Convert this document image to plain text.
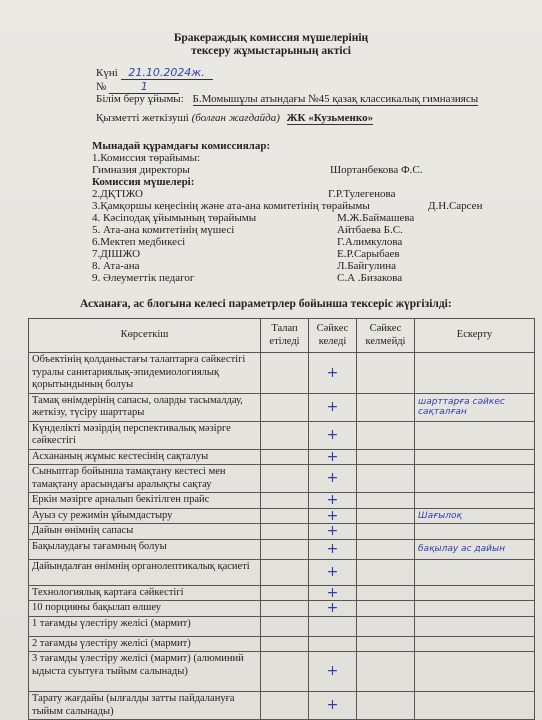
Бракераждық комиссия мүшелерінің
тексеру жұмыстарының актісі
Күні 21.10.2024ж.
№	1
Білім беру ұйымы: Б.Момышұлы атындағы №45 қазақ классикалық гимназиясы
Қызметті жеткізуші (болған жағдайда) ЖК «Кузьменко»
Мынадай құрамдағы комиссиялар:
1.Комиссия төрайымы:
Гимназия директоры	Шортанбекова Ф.С.
Комиссия мүшелері:
2.ДҚТІЖО	Г.Р.Тулегенова
3.Қамқоршы кеңесінің және ата-ана комитетінің төрайымы	Д.Н.Сарсен
4. Кәсіподақ ұйымының төрайымы	М.Ж.Баймашева
5. Ата-ана комитетінің мүшесі	Айтбаева Б.С.
6.Мектеп медбикесі	Г.Алимкулова
7.ДІШЖО	Е.Р.Сарыбаев
8. Ата-ана	Л.Байгулина
9. Әлеуметтік педагог	С.А .Бизакова
Асханаға, ас блогына келесі параметрлер бойынша тексеріс жүргізілді:
Көрсеткіш	Талап етіледі	Сәйкес келеді	Сәйкес келмейді	Ескерту
Объектінің қолданыстағы талаптарға сәйкестігі туралы санитариялық-эпидемиологиялық қорытындының болуы		+		
Тамақ өнімдерінің сапасы, оларды тасымалдау, жеткізу, түсіру шарттары		+		шарттарға сәйкес сақталған
Күнделікті мәзірдің перспективалық мәзірге сәйкестігі		+		
Асхананың жұмыс кестесінің сақталуы		+		
Сыныптар бойынша тамақтану кестесі мен тамақтану арасындағы аралықты сақтау		+		
Еркін мәзірге арналып бекітілген прайс		+		
Ауыз су режимін ұйымдастыру		+		Шағылоқ
Дайын өнімнің сапасы		+		
Бақылаудағы тағамның болуы		+		бақылау ас дайын
Дайындалған өнімнің органолептикалық қасиеті		+		
Технологиялық картаға сәйкестігі		+		
10 порцияны бақылап өлшеу		+		
1 тағамды үлестіру желісі (мармит)				
2 тағамды үлестіру желісі (мармит)				
3 тағамды үлестіру желісі (мармит) (алюминий ыдыста суытуға тыйым салынады)		+		
Тарату жағдайы (ылғалды затты пайдалануға тыйым салынады)		+		
